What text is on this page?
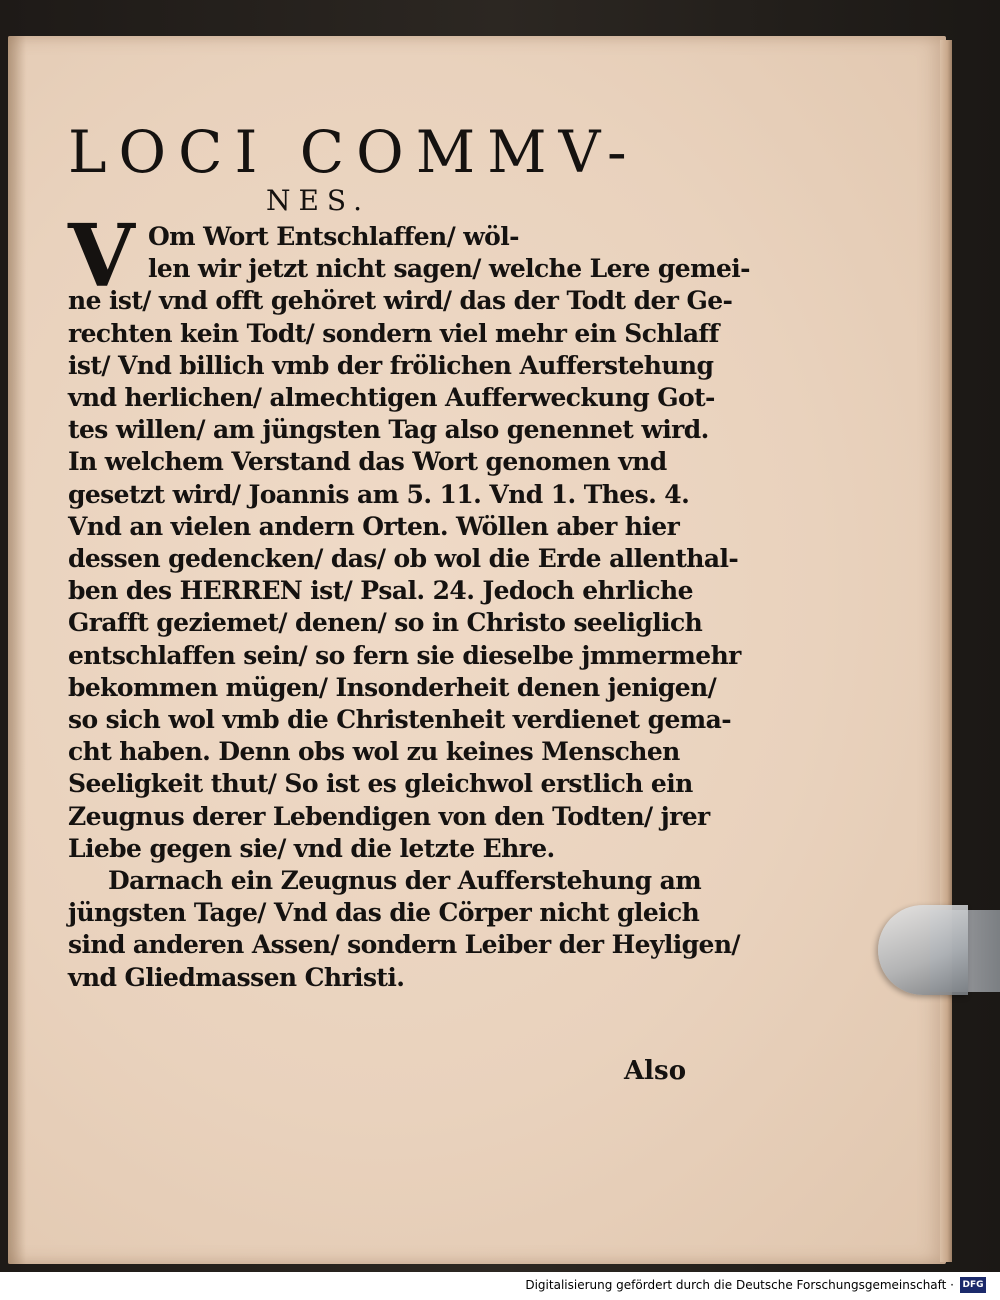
LOCI COMMV-
NES.
V Om Wort Entschlaffen/ wöl-
len wir jetzt nicht sagen/ welche Lere gemei-
ne ist/ vnd offt gehöret wird/ das der Todt der Ge-
rechten kein Todt/ sondern viel mehr ein Schlaff
ist/ Vnd billich vmb der frölichen Aufferstehung
vnd herlichen/ almechtigen Aufferweckung Got-
tes willen/ am jüngsten Tag also genennet wird.
In welchem Verstand das Wort genomen vnd
gesetzt wird/ Joannis am 5. 11. Vnd 1. Thes. 4.
Vnd an vielen andern Orten. Wöllen aber hier
dessen gedencken/ das/ ob wol die Erde allenthal-
ben des HERREN ist/ Psal. 24. Jedoch ehrliche
Grafft geziemet/ denen/ so in Christo seeliglich
entschlaffen sein/ so fern sie dieselbe jmmermehr
bekommen mügen/ Insonderheit denen jenigen/
so sich wol vmb die Christenheit verdienet gema-
cht haben. Denn obs wol zu keines Menschen
Seeligkeit thut/ So ist es gleichwol erstlich ein
Zeugnus derer Lebendigen von den Todten/ jrer
Liebe gegen sie/ vnd die letzte Ehre.
Darnach ein Zeugnus der Aufferstehung am
jüngsten Tage/ Vnd das die Cörper nicht gleich
sind anderen Assen/ sondern Leiber der Heyligen/
vnd Gliedmassen Christi.
Also
Digitalisierung gefördert durch die Deutsche Forschungsgemeinschaft · DFG
